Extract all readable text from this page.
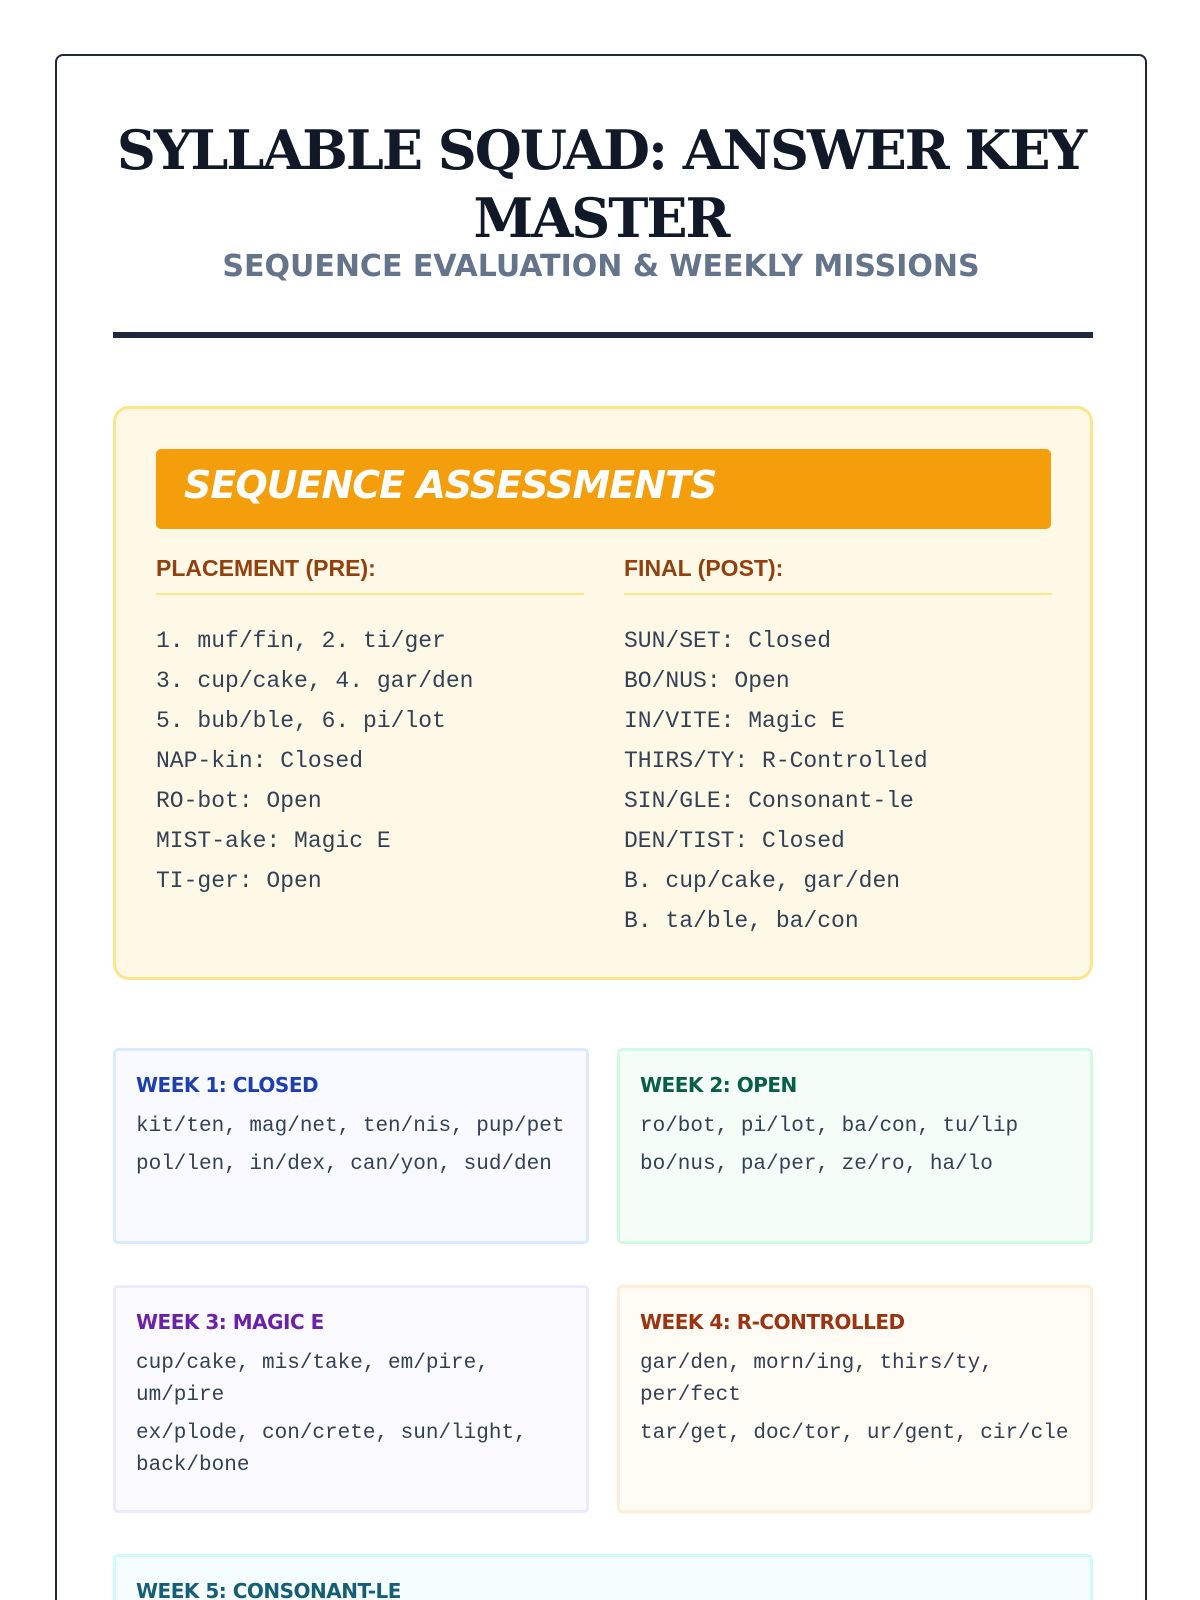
SYLLABLE SQUAD: ANSWER KEY MASTER
SEQUENCE EVALUATION & WEEKLY MISSIONS
SEQUENCE ASSESSMENTS
PLACEMENT (PRE):
1. muf/fin, 2. ti/ger
3. cup/cake, 4. gar/den
5. bub/ble, 6. pi/lot
NAP-kin: Closed
RO-bot: Open
MIST-ake: Magic E
TI-ger: Open
FINAL (POST):
SUN/SET: Closed
BO/NUS: Open
IN/VITE: Magic E
THIRS/TY: R-Controlled
SIN/GLE: Consonant-le
DEN/TIST: Closed
B. cup/cake, gar/den
B. ta/ble, ba/con
WEEK 1: CLOSED
kit/ten, mag/net, ten/nis, pup/pet
pol/len, in/dex, can/yon, sud/den
WEEK 2: OPEN
ro/bot, pi/lot, ba/con, tu/lip
bo/nus, pa/per, ze/ro, ha/lo
WEEK 3: MAGIC E
cup/cake, mis/take, em/pire, um/pire
ex/plode, con/crete, sun/light, back/bone
WEEK 4: R-CONTROLLED
gar/den, morn/ing, thirs/ty, per/fect
tar/get, doc/tor, ur/gent, cir/cle
WEEK 5: CONSONANT-LE
